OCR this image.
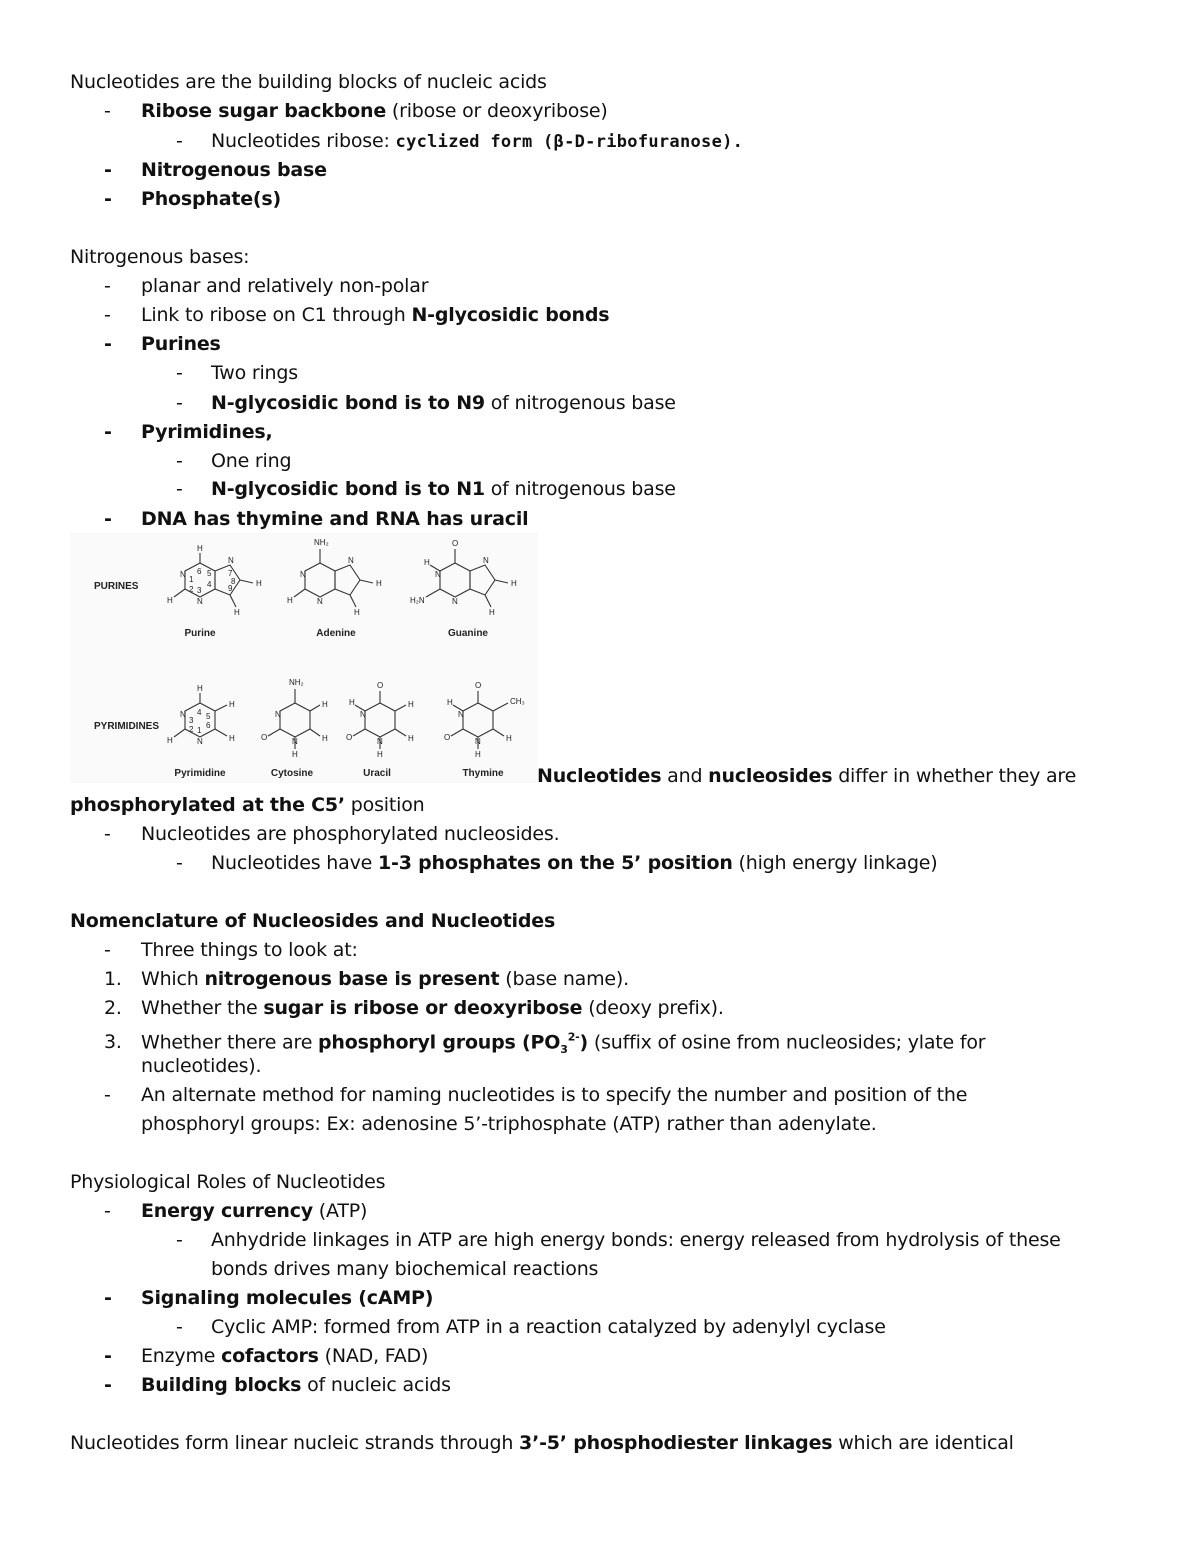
Nucleotides are the building blocks of nucleic acids
- Ribose sugar backbone (ribose or deoxyribose)
- Nucleotides ribose: cyclized form (β-D-ribofuranose).
- Nitrogenous base
- Phosphate(s)
Nitrogenous bases:
- planar and relatively non-polar
- Link to ribose on C1 through N-glycosidic bonds
- Purines
- Two rings
- N-glycosidic bond is to N9 of nitrogenous base
- Pyrimidines,
- One ring
- N-glycosidic bond is to N1 of nitrogenous base
- DNA has thymine and RNA has uracil
PURINES
PYRIMIDINES
H
N
N
N
H
H
H
6
1
2 3
4
5 7
8
9
NH₂
N
N
N
H
H
H
O
H
N
N
N
H
H₂N
H
H
N
N
H
H
H
4 5
3
2 1
6
NH₂
N
N
H
H
O
H
O
H
N
N
H
H
O
H
O
H
N
N
CH₃
H
O
H
Purine	Adenine	Guanine
Pyrimidine	Cytosine	Uracil	Thymine Nucleotides and nucleosides differ in whether they are
phosphorylated at the C5’ position
- Nucleotides are phosphorylated nucleosides.
- Nucleotides have 1-3 phosphates on the 5’ position (high energy linkage)
Nomenclature of Nucleosides and Nucleotides
- Three things to look at:
1. Which nitrogenous base is present (base name).
2. Whether the sugar is ribose or deoxyribose (deoxy prefix).
3. Whether there are phosphoryl groups $(PO_3^{2-})$ (suffix of osine from nucleosides; ylate for
nucleotides).
- An alternate method for naming nucleotides is to specify the number and position of the
phosphoryl groups: Ex: adenosine 5’-triphosphate (ATP) rather than adenylate.
Physiological Roles of Nucleotides
- Energy currency (ATP)
- Anhydride linkages in ATP are high energy bonds: energy released from hydrolysis of these
bonds drives many biochemical reactions
- Signaling molecules (cAMP)
- Cyclic AMP: formed from ATP in a reaction catalyzed by adenylyl cyclase
- Enzyme cofactors (NAD, FAD)
- Building blocks of nucleic acids
Nucleotides form linear nucleic strands through 3’-5’ phosphodiester linkages which are identical
